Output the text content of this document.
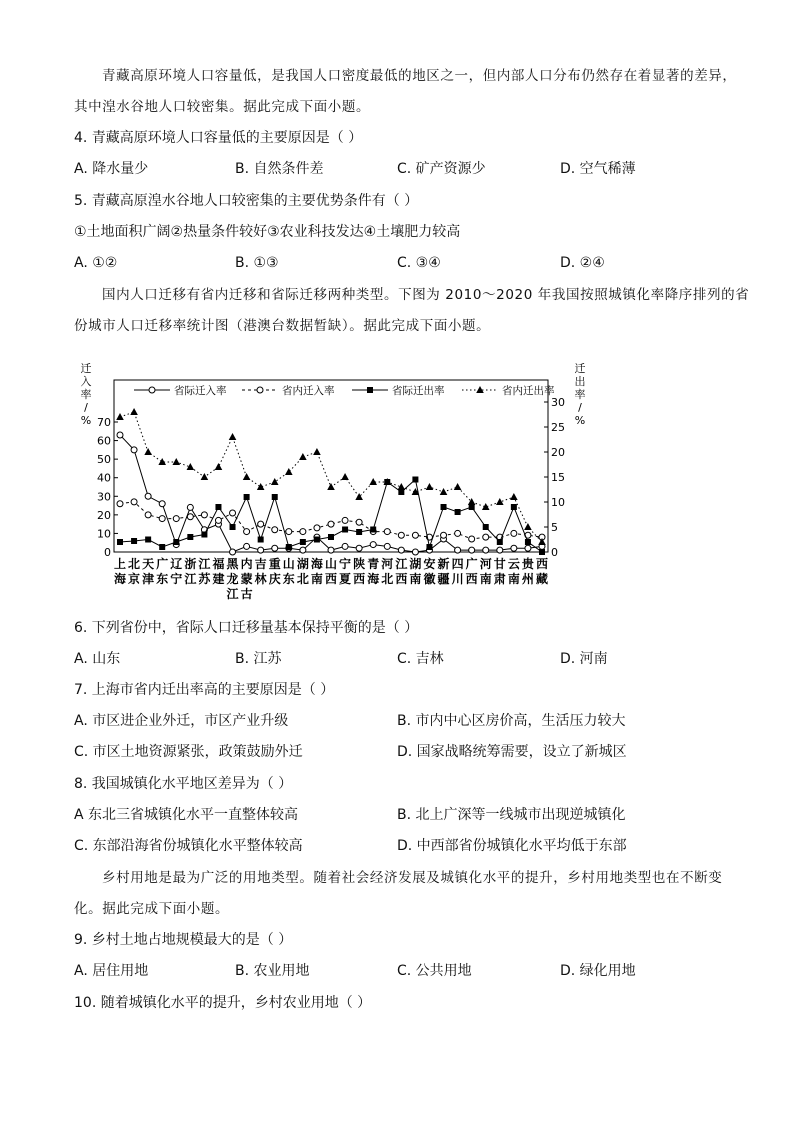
青藏高原环境人口容量低，是我国人口密度最低的地区之一，但内部人口分布仍然存在着显著的差异，
其中湟水谷地人口较密集。据此完成下面小题。
4. 青藏高原环境人口容量低的主要原因是（ ）
A. 降水量少	B. 自然条件差	C. 矿产资源少	D. 空气稀薄
5. 青藏高原湟水谷地人口较密集的主要优势条件有（ ）
①土地面积广阔②热量条件较好③农业科技发达④土壤肥力较高
A. ①②	B. ①③	C. ③④	D. ②④
国内人口迁移有省内迁移和省际迁移两种类型。下图为 2010～2020 年我国按照城镇化率降序排列的省
份城市人口迁移率统计图（港澳台数据暂缺）。据此完成下面小题。
迁
入
率
/
%
迁
出
率
/
%
0
10
20
30
40
50
60
70
0
5
10
15
20
25
30
省际迁入率	省内迁入率	省际迁出率	省内迁出率
上
海
北
京
天
津
广
东
辽
宁
浙
江
江
苏
福
建
黑
龙
江
内
蒙
古
吉
林
重
庆
山
东
湖
北
海
南
山
西
宁
夏
陕
西
青
海
河
北
江
西
湖
南
安
徽
新
疆
四
川
广
西
河
南
甘
肃
云
南
贵
州
西
藏
6. 下列省份中，省际人口迁移量基本保持平衡的是（ ）
A. 山东	B. 江苏	C. 吉林	D. 河南
7. 上海市省内迁出率高的主要原因是（ ）
A. 市区进企业外迁，市区产业升级	B. 市内中心区房价高，生活压力较大
C. 市区土地资源紧张，政策鼓励外迁	D. 国家战略统筹需要，设立了新城区
8. 我国城镇化水平地区差异为（ ）
A 东北三省城镇化水平一直整体较高	B. 北上广深等一线城市出现逆城镇化
C. 东部沿海省份城镇化水平整体较高	D. 中西部省份城镇化水平均低于东部
乡村用地是最为广泛的用地类型。随着社会经济发展及城镇化水平的提升，乡村用地类型也在不断变
化。据此完成下面小题。
9. 乡村土地占地规模最大的是（ ）
A. 居住用地	B. 农业用地	C. 公共用地	D. 绿化用地
10. 随着城镇化水平的提升，乡村农业用地（ ）
